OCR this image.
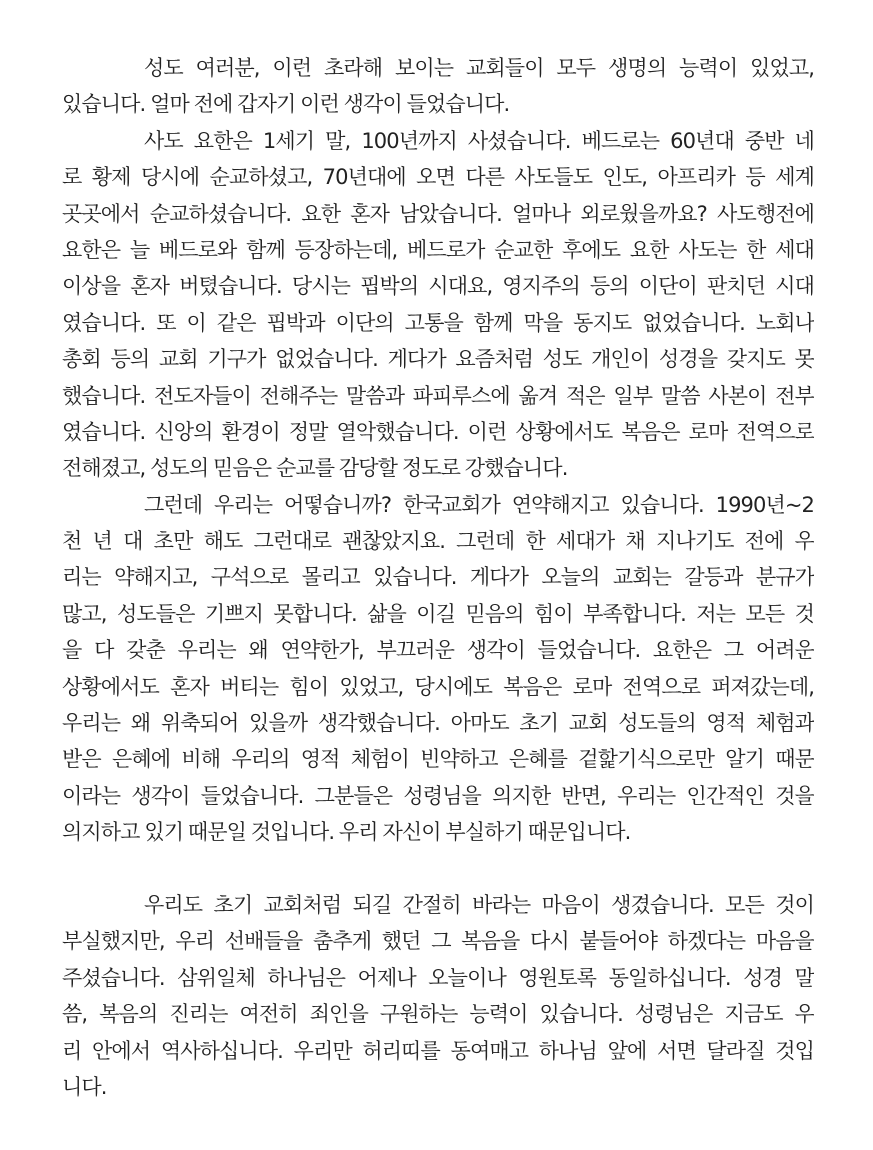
성도 여러분, 이런 초라해 보이는 교회들이 모두 생명의 능력이 있었고,
있습니다. 얼마 전에 갑자기 이런 생각이 들었습니다.
사도 요한은 1세기 말, 100년까지 사셨습니다. 베드로는 60년대 중반 네
로 황제 당시에 순교하셨고, 70년대에 오면 다른 사도들도 인도, 아프리카 등 세계
곳곳에서 순교하셨습니다. 요한 혼자 남았습니다. 얼마나 외로웠을까요? 사도행전에
요한은 늘 베드로와 함께 등장하는데, 베드로가 순교한 후에도 요한 사도는 한 세대
이상을 혼자 버텼습니다. 당시는 핍박의 시대요, 영지주의 등의 이단이 판치던 시대
였습니다. 또 이 같은 핍박과 이단의 고통을 함께 막을 동지도 없었습니다. 노회나
총회 등의 교회 기구가 없었습니다. 게다가 요즘처럼 성도 개인이 성경을 갖지도 못
했습니다. 전도자들이 전해주는 말씀과 파피루스에 옮겨 적은 일부 말씀 사본이 전부
였습니다. 신앙의 환경이 정말 열악했습니다. 이런 상황에서도 복음은 로마 전역으로
전해졌고, 성도의 믿음은 순교를 감당할 정도로 강했습니다.
그런데 우리는 어떻습니까? 한국교회가 연약해지고 있습니다. 1990년~2
천 년 대 초만 해도 그런대로 괜찮았지요. 그런데 한 세대가 채 지나기도 전에 우
리는 약해지고, 구석으로 몰리고 있습니다. 게다가 오늘의 교회는 갈등과 분규가
많고, 성도들은 기쁘지 못합니다. 삶을 이길 믿음의 힘이 부족합니다. 저는 모든 것
을 다 갖춘 우리는 왜 연약한가, 부끄러운 생각이 들었습니다. 요한은 그 어려운
상황에서도 혼자 버티는 힘이 있었고, 당시에도 복음은 로마 전역으로 퍼져갔는데,
우리는 왜 위축되어 있을까 생각했습니다. 아마도 초기 교회 성도들의 영적 체험과
받은 은혜에 비해 우리의 영적 체험이 빈약하고 은혜를 겉핥기식으로만 알기 때문
이라는 생각이 들었습니다. 그분들은 성령님을 의지한 반면, 우리는 인간적인 것을
의지하고 있기 때문일 것입니다. 우리 자신이 부실하기 때문입니다.
우리도 초기 교회처럼 되길 간절히 바라는 마음이 생겼습니다. 모든 것이
부실했지만, 우리 선배들을 춤추게 했던 그 복음을 다시 붙들어야 하겠다는 마음을
주셨습니다. 삼위일체 하나님은 어제나 오늘이나 영원토록 동일하십니다. 성경 말
씀, 복음의 진리는 여전히 죄인을 구원하는 능력이 있습니다. 성령님은 지금도 우
리 안에서 역사하십니다. 우리만 허리띠를 동여매고 하나님 앞에 서면 달라질 것입
니다.
